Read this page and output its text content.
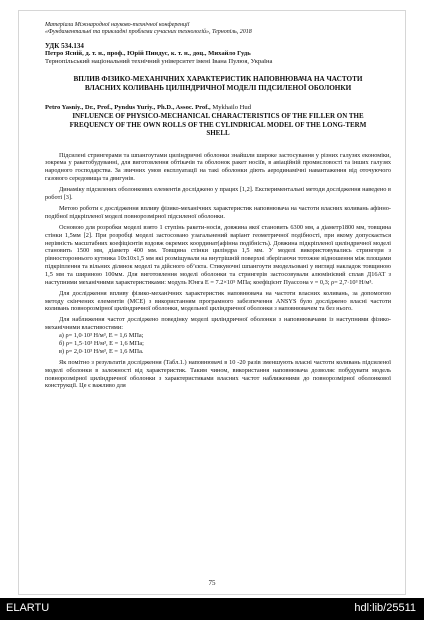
Матеріали Міжнародної науково-технічної конференції
«Фундаментальні та прикладні проблеми сучасних технологій», Тернопіль, 2018
УДК 534.134
Петро Ясній, д. т. н., проф., Юрій Пиндус, к. т. н., доц., Михайло Гудь
Тернопільський національний технічний університет імені Івана Пулюя, Україна
ВПЛИВ ФІЗИКО-МЕХАНІЧНИХ ХАРАКТЕРИСТИК НАПОВНЮВАЧА НА ЧАСТОТИ ВЛАСНИХ КОЛИВАНЬ ЦИЛІНДРИЧНОЇ МОДЕЛІ ПІДСИЛЕНОЇ ОБОЛОНКИ
Petro Yasniy., Dr., Prof., Pyndus Yuriy., Ph.D., Assoc. Prof., Mykhailo Hud
INFLUENCE OF PHYSICO-MECHANICAL CHARACTERISTICS OF THE FILLER ON THE FREQUENCY OF THE OWN ROLLS OF THE CYLINDRICAL MODEL OF THE LONG-TERM SHELL

Підсилені стрингерами та шпангоутами циліндричні оболонки знайшли широке застосування у різних галузях економіки, зокрема у ракетобудуванні, для виготовлення обтікачів та оболонок ракет носіїв, в авіаційній промисловості та інших галузях народного господарства. За звичних умов експлуатації на такі оболонки діють аеродинамічні навантаження від оточуючого газового середовища та двигунів.

Динаміку підсилених оболонкових елементів досліджено у працях [1,2]. Експериментальні методи дослідження наведено в роботі [3].

Метою роботи є дослідження впливу фізико-механічних характеристик наповнювача на частоти власних коливань афінно-подібної підкріпленої моделі повнорозмірної підсиленої оболонки.

Основою для розробки моделі взято 1 ступінь ракети-носія, довжина якої становить 6300 мм, а діаметр1800 мм, товщина стінки 1,5мм [2]. При розробці моделі застосовано узагальнений варіант геометричної подібності, при якому допускається нерівність масштабних коефіцієнтів вздовж окремих координат(афінна подібність). Довжина підкріпленої циліндричної моделі становить 1500 мм, діаметр 400 мм. Товщина стінки циліндра 1,5 мм. У моделі використовувались стрингери з рівностороннього кутника 10х10х1,5 мм які розміщували на внутрішній поверхні зберігаючи тотожне відношення між площами підкріплення та вільних ділянок моделі та дійсного об’єкта. Стикувочні шпангоути змодельовані у вигляді накладок товщиною 1,5 мм та шириною 100мм. Для виготовлення моделі оболонки та стрингерів застосовували алюмінієвий сплав Д16АТ з наступними механічними характеристиками: модуль Юнга E = 7.2×10⁵ МПа; коефіцієнт Пуассона ν = 0,3; ρ= 2,7·10³ Н/м³.

Для дослідження впливу фізико-механічних характеристик наповнювача на частоти власних коливань, за допомогою методу скінчених елементів (МСЕ) з використанням програмного забезпечення ANSYS було досліджено власні частоти коливань повнорозмірної циліндричної оболонки, модельної циліндричної оболонки з наповнювачем та без нього.

Для наближення частот досліджено поведінку моделі циліндричної оболонки з наповнювачами із наступними фізико-механічними властивостями:

а) ρ= 1,0·10³ Н/м³, E = 1,6 МПа;

б) ρ= 1,5·10³ Н/м³, E = 1,6 МПа;

в) ρ= 2,0·10³ Н/м³, E = 1,6 МПа.

Як помітно з результатів дослідження (Табл.1.) наповнювачі в 10 -20 разів зменшують власні частоти коливань підсиленої моделі оболонки в залежності від характеристик. Таким чином, використання наповнювача дозволяє побудувати модель повнорозмірної циліндричної оболонки з характеристиками власних частот наближеними до повнорозмірної оболонкової конструкції. Це є важливо для

75
ELARTU	hdl:lib/25511
